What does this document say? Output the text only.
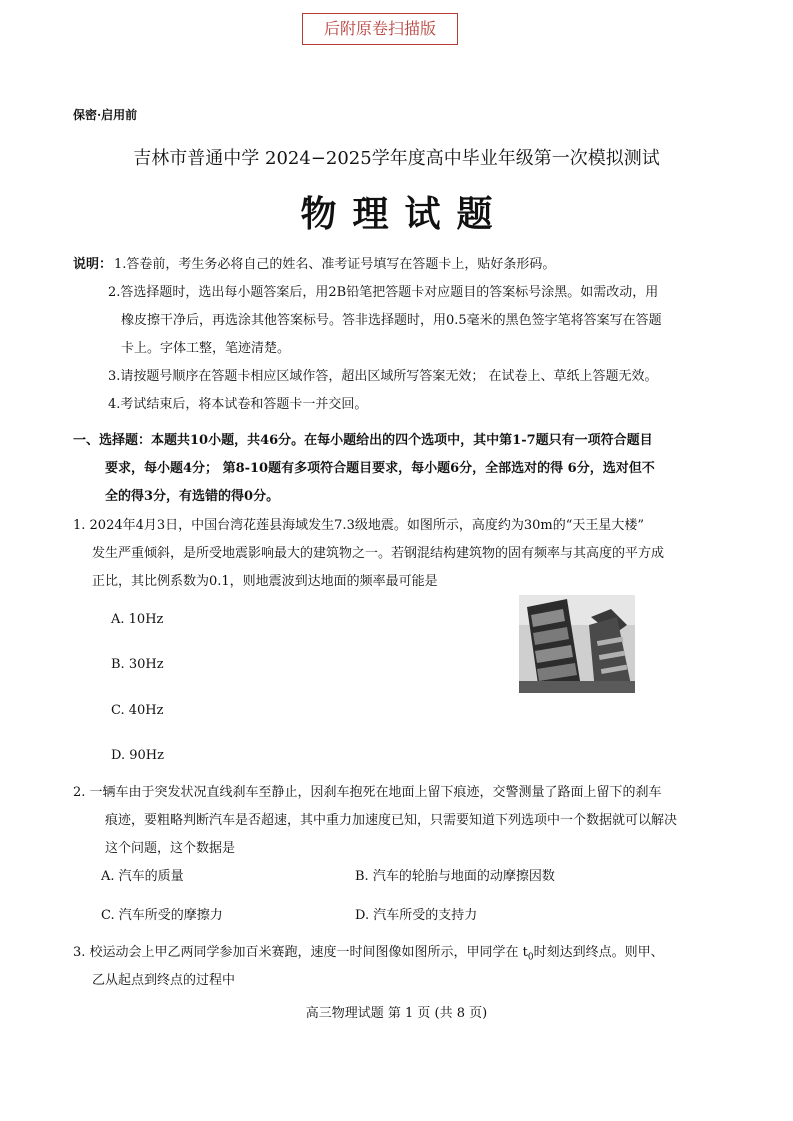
后附原卷扫描版
保密·启用前
吉林市普通中学 2024−2025学年度高中毕业年级第一次模拟测试
物理试题
说明： 1.答卷前，考生务必将自己的姓名、准考证号填写在答题卡上，贴好条形码。
2.答选择题时，选出每小题答案后，用2B铅笔把答题卡对应题目的答案标号涂黑。如需改动，用
橡皮擦干净后，再选涂其他答案标号。答非选择题时，用0.5毫米的黑色签字笔将答案写在答题
卡上。字体工整，笔迹清楚。
3.请按题号顺序在答题卡相应区域作答，超出区域所写答案无效； 在试卷上、草纸上答题无效。
4.考试结束后，将本试卷和答题卡一并交回。
一、选择题：本题共10小题，共46分。在每小题给出的四个选项中，其中第1-7题只有一项符合题目
要求，每小题4分； 第8-10题有多项符合题目要求，每小题6分，全部选对的得 6分，选对但不
全的得3分，有选错的得0分。
1. 2024年4月3日，中国台湾花莲县海域发生7.3级地震。如图所示，高度约为30m的“天王星大楼”
发生严重倾斜，是所受地震影响最大的建筑物之一。若钢混结构建筑物的固有频率与其高度的平方成
正比，其比例系数为0.1，则地震波到达地面的频率最可能是
A. 10Hz
B. 30Hz
C. 40Hz
D. 90Hz
2. 一辆车由于突发状况直线刹车至静止，因刹车抱死在地面上留下痕迹，交警测量了路面上留下的刹车
痕迹，要粗略判断汽车是否超速，其中重力加速度已知，只需要知道下列选项中一个数据就可以解决
这个问题，这个数据是
A. 汽车的质量	B. 汽车的轮胎与地面的动摩擦因数
C. 汽车所受的摩擦力	D. 汽车所受的支持力
3. 校运动会上甲乙两同学参加百米赛跑，速度一时间图像如图所示，甲同学在 $t_0$时刻达到终点。则甲、
乙从起点到终点的过程中
高三物理试题 第 1 页 (共 8 页)
